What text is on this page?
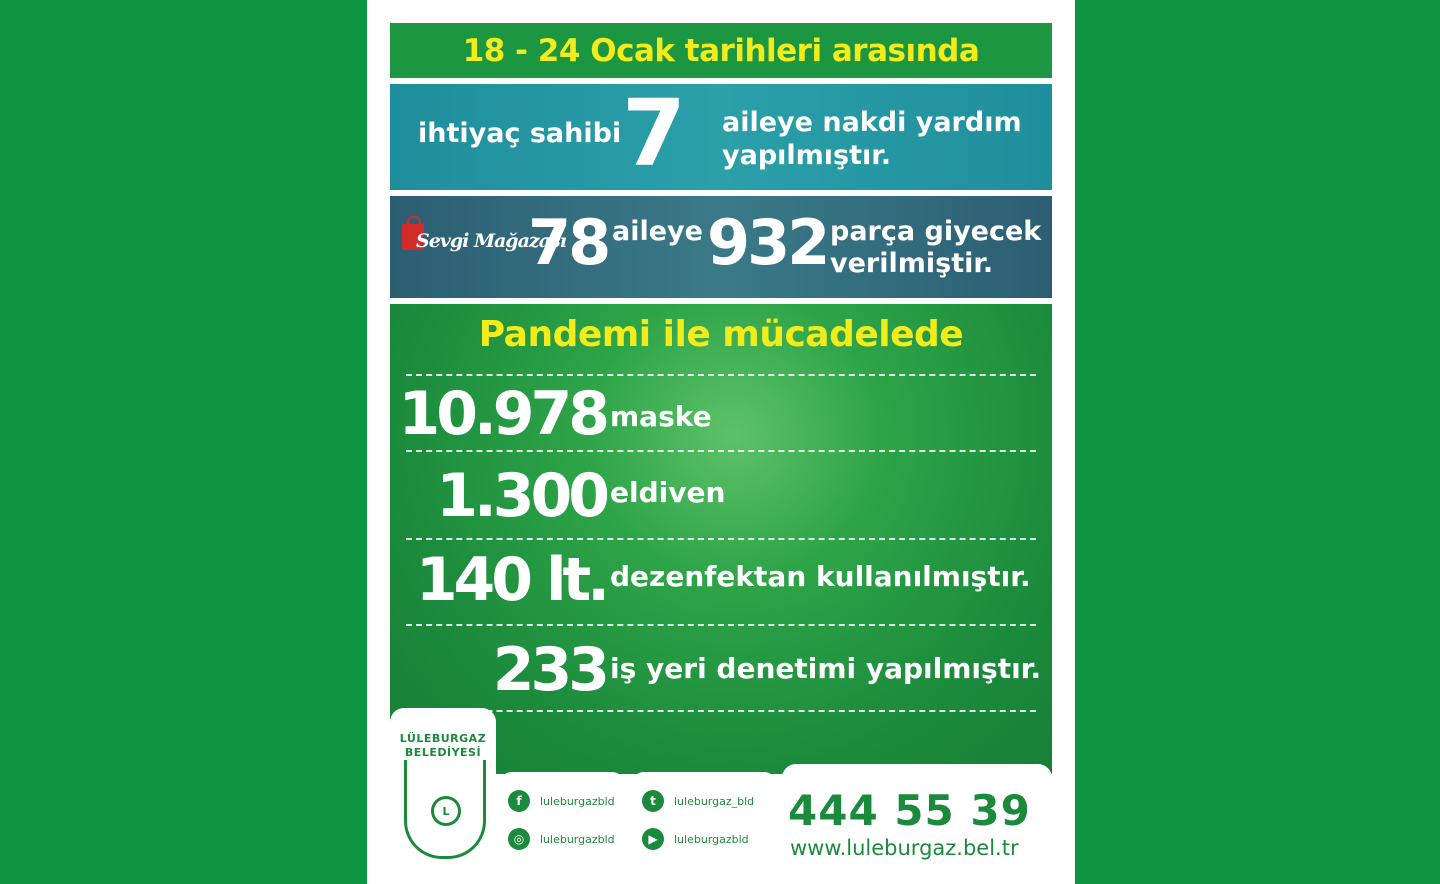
18 - 24 Ocak tarihleri arasında
ihtiyaç sahibi 7 aileye nakdi yardım
yapılmıştır.
Sevgi Mağazası
78 aileye 932 parça giyecek
verilmiştir.
Pandemi ile mücadelede
10.978 maske
1.300 eldiven
140 lt. dezenfektan kullanılmıştır.
233 iş yeri denetimi yapılmıştır.
LÜLEBURGAZ
BELEDİYESİ
L
f	luleburgazbld
◎	luleburgazbld
t	luleburgaz_bld
▶	luleburgazbld
444 55 39
www.luleburgaz.bel.tr
